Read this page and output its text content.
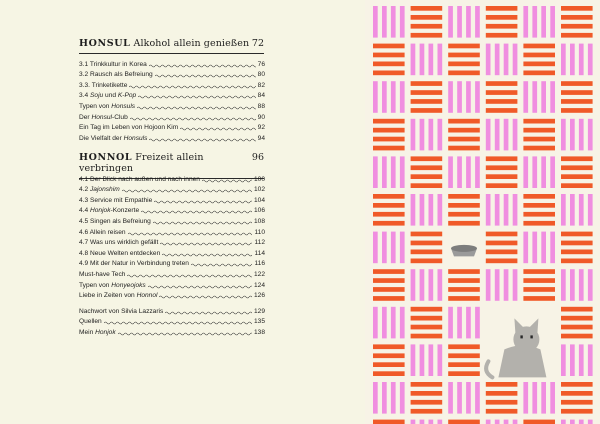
HONSUL Alkohol allein genießen 72
3.1 Trinkkultur in Korea	76
3.2 Rausch als Befreiung	80
3.3. Trinketikette	82
3.4 Soju und K-Pop	84
Typen von Honsuls	88
Der Honsul-Club	90
Ein Tag im Leben von Hojoon Kim	92
Die Vielfalt der Honsuls	94
HONNOL Freizeit allein verbringen
96
4.1 Der Blick nach außen und nach innen	100
4.2 Jajonshim	102
4.3 Service mit Empathie	104
4.4 Honjok-Konzerte	106
4.5 Singen als Befreiung	108
4.6 Allein reisen	110
4.7 Was uns wirklich gefällt	112
4.8 Neue Welten entdecken	114
4.9 Mit der Natur in Verbindung treten	116
Must-have Tech	122
Typen von Honyeojoks	124
Liebe in Zeiten von Honnol	126
Nachwort von Silvia Lazzaris	129
Quellen	135
Mein Honjok	138
